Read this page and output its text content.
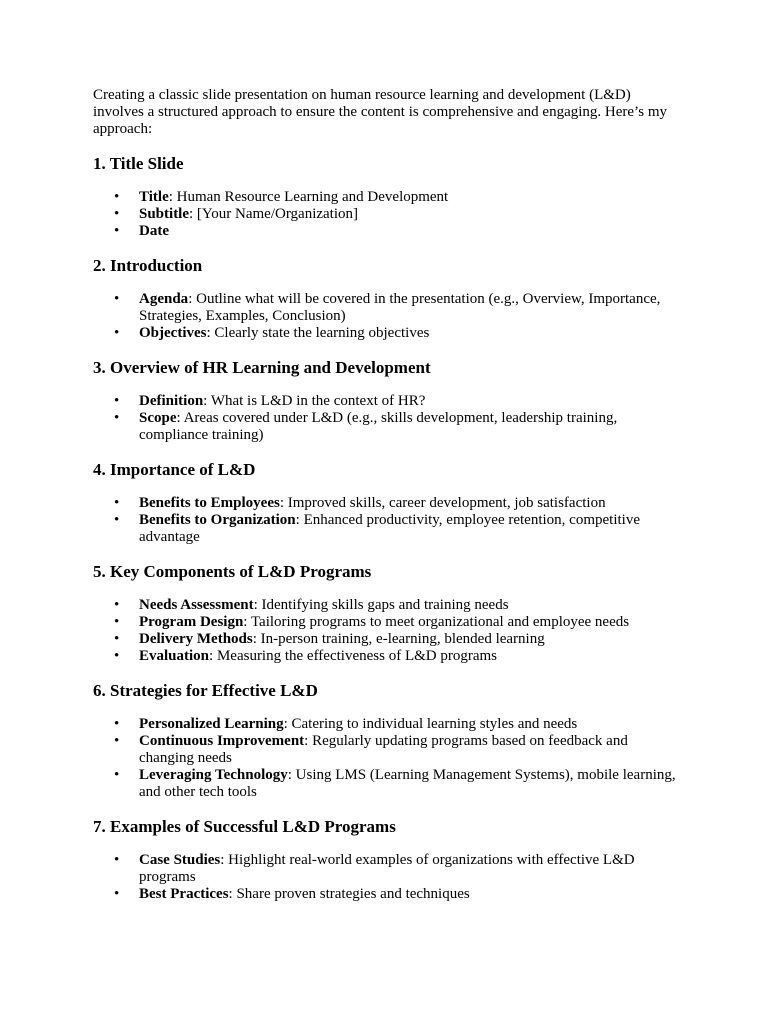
Creating a classic slide presentation on human resource learning and development (L&D) involves a structured approach to ensure the content is comprehensive and engaging. Here’s my approach:

1. Title Slide
• Title: Human Resource Learning and Development
• Subtitle: [Your Name/Organization]
• Date
2. Introduction
• Agenda: Outline what will be covered in the presentation (e.g., Overview, Importance, Strategies, Examples, Conclusion)
• Objectives: Clearly state the learning objectives
3. Overview of HR Learning and Development
• Definition: What is L&D in the context of HR?
• Scope: Areas covered under L&D (e.g., skills development, leadership training, compliance training)
4. Importance of L&D
• Benefits to Employees: Improved skills, career development, job satisfaction
• Benefits to Organization: Enhanced productivity, employee retention, competitive advantage
5. Key Components of L&D Programs
• Needs Assessment: Identifying skills gaps and training needs
• Program Design: Tailoring programs to meet organizational and employee needs
• Delivery Methods: In-person training, e-learning, blended learning
• Evaluation: Measuring the effectiveness of L&D programs
6. Strategies for Effective L&D
• Personalized Learning: Catering to individual learning styles and needs
• Continuous Improvement: Regularly updating programs based on feedback and changing needs
• Leveraging Technology: Using LMS (Learning Management Systems), mobile learning, and other tech tools
7. Examples of Successful L&D Programs
• Case Studies: Highlight real-world examples of organizations with effective L&D programs
• Best Practices: Share proven strategies and techniques
